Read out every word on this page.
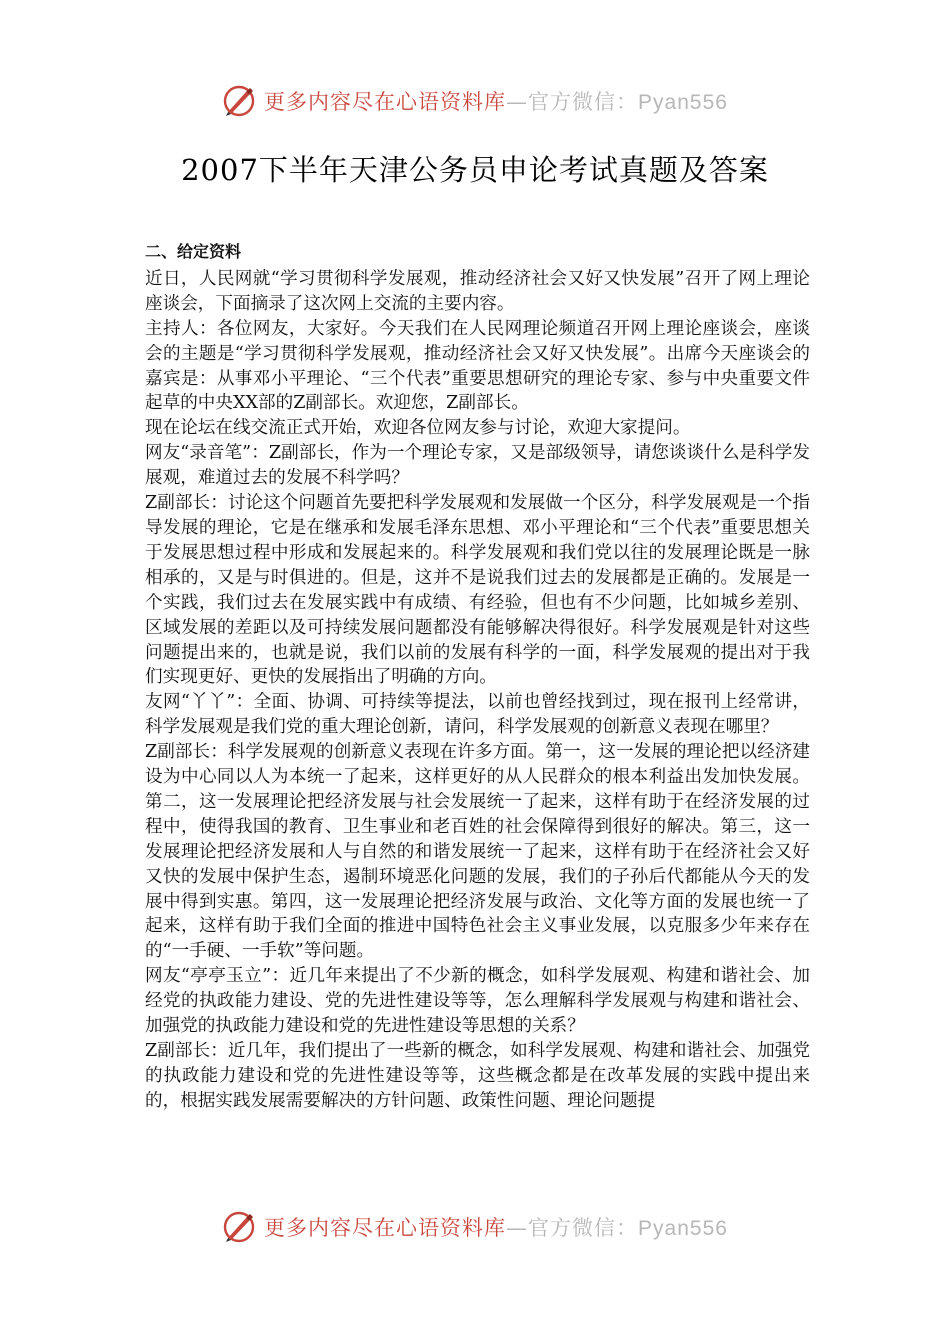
更多内容尽在心语资料库—官方微信：Pyan556
2007下半年天津公务员申论考试真题及答案

二、给定资料

近日，人民网就“学习贯彻科学发展观，推动经济社会又好又快发展”召开了网上理论座谈会，下面摘录了这次网上交流的主要内容。

主持人：各位网友，大家好。今天我们在人民网理论频道召开网上理论座谈会，座谈会的主题是“学习贯彻科学发展观，推动经济社会又好又快发展”。出席今天座谈会的嘉宾是：从事邓小平理论、“三个代表”重要思想研究的理论专家、参与中央重要文件起草的中央XX部的Z副部长。欢迎您，Z副部长。

现在论坛在线交流正式开始，欢迎各位网友参与讨论，欢迎大家提问。

网友“录音笔”：Z副部长，作为一个理论专家，又是部级领导，请您谈谈什么是科学发展观，难道过去的发展不科学吗？

Z副部长：讨论这个问题首先要把科学发展观和发展做一个区分，科学发展观是一个指导发展的理论，它是在继承和发展毛泽东思想、邓小平理论和“三个代表”重要思想关于发展思想过程中形成和发展起来的。科学发展观和我们党以往的发展理论既是一脉相承的，又是与时俱进的。但是，这并不是说我们过去的发展都是正确的。发展是一个实践，我们过去在发展实践中有成绩、有经验，但也有不少问题，比如城乡差别、区域发展的差距以及可持续发展问题都没有能够解决得很好。科学发展观是针对这些问题提出来的，也就是说，我们以前的发展有科学的一面，科学发展观的提出对于我们实现更好、更快的发展指出了明确的方向。

友网“丫丫”：全面、协调、可持续等提法，以前也曾经找到过，现在报刊上经常讲，科学发展观是我们党的重大理论创新，请问，科学发展观的创新意义表现在哪里？

Z副部长：科学发展观的创新意义表现在许多方面。第一，这一发展的理论把以经济建设为中心同以人为本统一了起来，这样更好的从人民群众的根本利益出发加快发展。第二，这一发展理论把经济发展与社会发展统一了起来，这样有助于在经济发展的过程中，使得我国的教育、卫生事业和老百姓的社会保障得到很好的解决。第三，这一发展理论把经济发展和人与自然的和谐发展统一了起来，这样有助于在经济社会又好又快的发展中保护生态，遏制环境恶化问题的发展，我们的子孙后代都能从今天的发展中得到实惠。第四，这一发展理论把经济发展与政治、文化等方面的发展也统一了起来，这样有助于我们全面的推进中国特色社会主义事业发展，以克服多少年来存在的“一手硬、一手软”等问题。

网友“亭亭玉立”：近几年来提出了不少新的概念，如科学发展观、构建和谐社会、加经党的执政能力建设、党的先进性建设等等，怎么理解科学发展观与构建和谐社会、加强党的执政能力建设和党的先进性建设等思想的关系？

Z副部长：近几年，我们提出了一些新的概念，如科学发展观、构建和谐社会、加强党的执政能力建设和党的先进性建设等等，这些概念都是在改革发展的实践中提出来的，根据实践发展需要解决的方针问题、政策性问题、理论问题提

更多内容尽在心语资料库—官方微信：Pyan556
